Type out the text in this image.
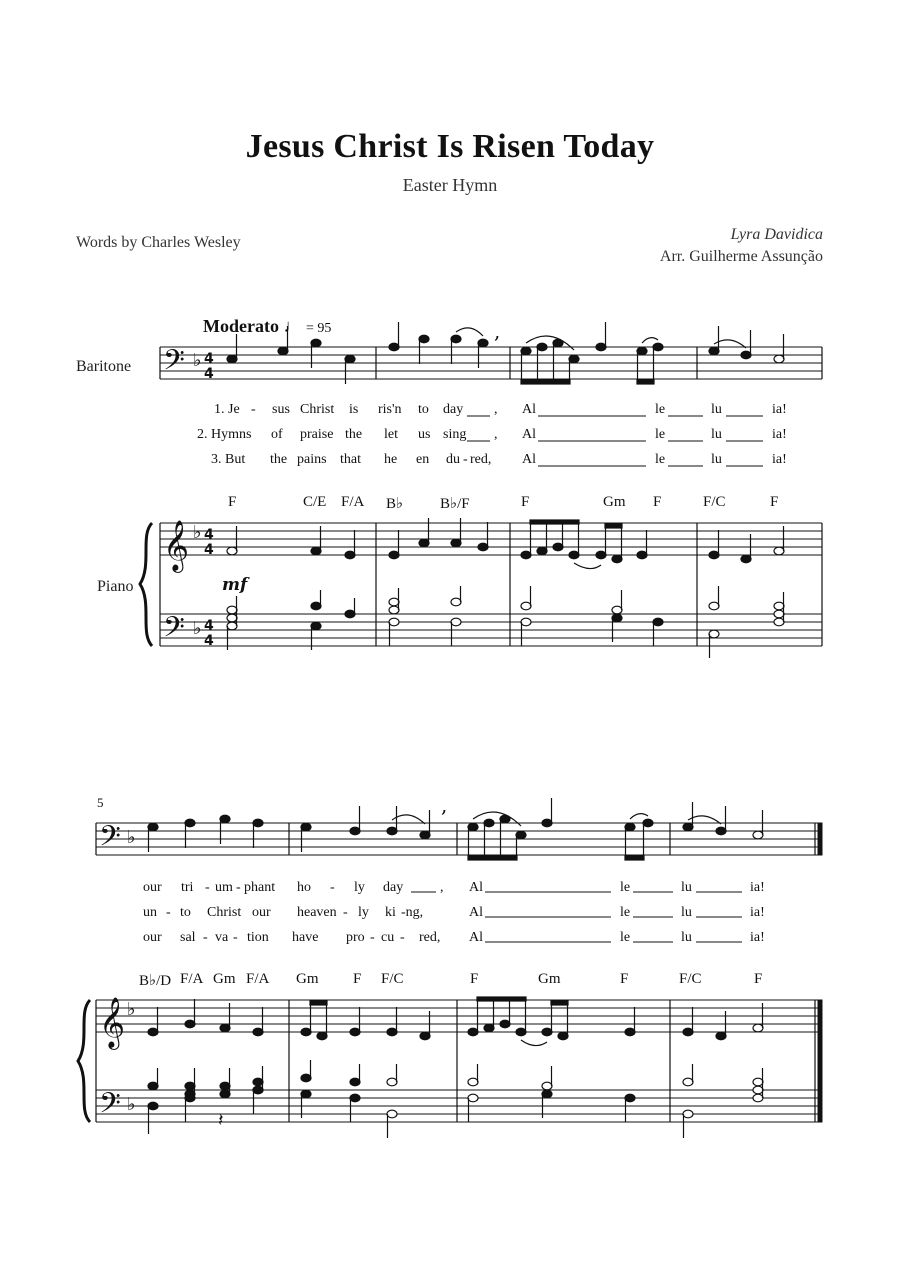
Jesus Christ Is Risen Today
Easter Hymn
Words by Charles Wesley	Lyra Davidica
Arr. Guilherme Assunção
Moderato ♩ = 95
Baritone
Piano
5
mf
F	C/E F/A B♭ B♭/F	F	Gm F	F/C	F
B♭/D F/A Gm F/A Gm F F/C	F	Gm	F	F/C	F
1. Je - sus Christ is ris'n to day , Al	le	lu	ia!
2. Hymns of praise the let us sing , Al	le	lu	ia!
3. But the pains that he en du - red, Al	le	lu	ia!
our tri - um - phant ho - ly day	, Al	le	lu	ia!
un - to Christ our heaven - ly ki -ng,	Al	le	lu	ia!
our sal - va - tion have pro - cu - red, Al	le	lu	ia!
𝄢 ♭ 4
4
𝄞 ♭ 4
4
𝄢 ♭ 4
4
𝄢 ♭
𝄞 ♭
𝄢 ♭
,
,
𝄽
